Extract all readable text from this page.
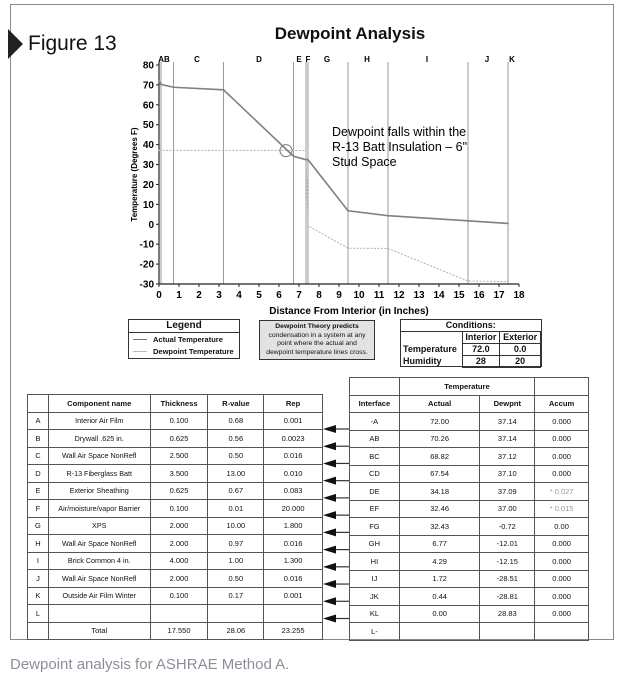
Figure 13	Dewpoint Analysis
80
70
60
50
40
30
20
10
0
-10
-20
-30
0 1 2 3 4 5 6 7 8 9 10 11 12 13 14 15 16 17 18
AB	C	D	E F G	H	I	J K
Distance From Interior (in Inches)
Temperature (Degrees F)	Dewpoint falls within the
R-13 Batt Insulation – 6"
Stud Space
Legend
Actual Temperature
Dewpoint Temperature
Dewpoint Theory predicts
condensation in a system at any
point where the actual and
dewpoint temperature lines cross.
Conditions:		
	Interior	Exterior
Temperature	72.0	0.0
Humidity	28	20
	Component name	Thickness	R-value	Rep
A	Interior Air Film	0.100	0.68	0.001
B	Drywall .625 in.	0.625	0.56	0.0023
C	Wall Air Space NonRefl	2.500	0.50	0.016
D	R-13 Fiberglass Batt	3.500	13.00	0.010
E	Exterior Sheathing	0.625	0.67	0.083
F	Air/moisture/vapor Barrier	0.100	0.01	20.000
G	XPS	2.000	10.00	1.800
H	Wall Air Space NonRefl	2.000	0.97	0.016
I	Brick Common 4 in.	4.000	1.00	1.300
J	Wall Air Space NonRefl	2.000	0.50	0.016
K	Outside Air Film Winter	0.100	0.17	0.001
L				
	Total	17.550	28.06	23.255
	Temperature		
Interface	Actual	Dewpnt	Accum
-A	72.00	37.14	0.000
AB	70.26	37.14	0.000
BC	68.82	37.12	0.000
CD	67.54	37.10	0.000
DE	34.18	37.09	* 0.027
EF	32.46	37.00	* 0.015
FG	32.43	-0.72	0.00
GH	6.77	-12.01	0.000
HI	4.29	-12.15	0.000
IJ	1.72	-28.51	0.000
JK	0.44	-28.81	0.000
KL	0.00	28.83	0.000
L-			
Dewpoint analysis for ASHRAE Method A.
